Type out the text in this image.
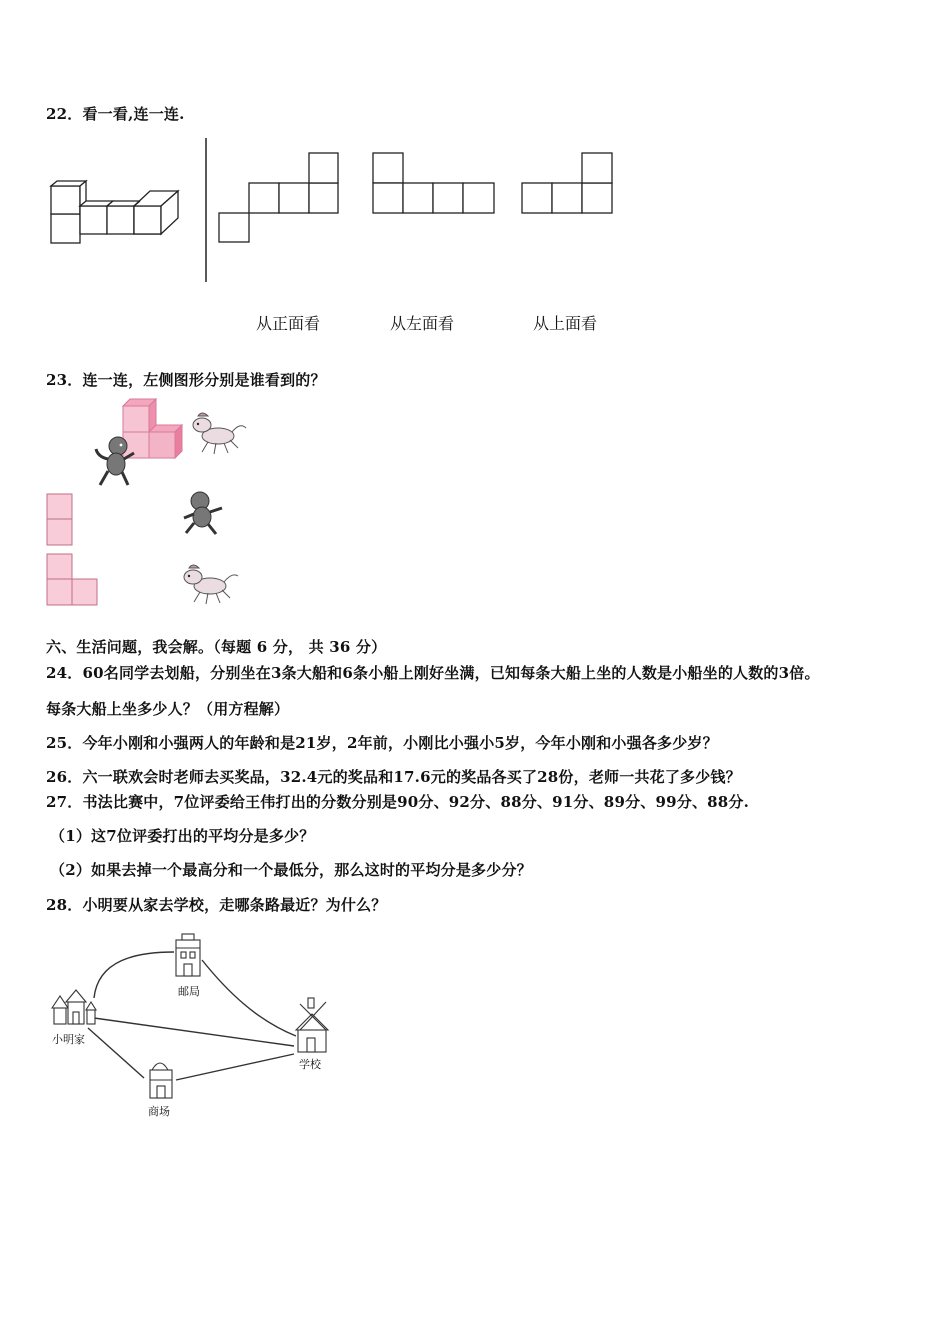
22．看一看,连一连.
从正面看	从左面看	从上面看
23．连一连，左侧图形分别是谁看到的？
六、生活问题，我会解。（每题 6 分， 共 36 分）
24．60名同学去划船，分别坐在3条大船和6条小船上刚好坐满，已知每条大船上坐的人数是小船坐的人数的3倍。
每条大船上坐多少人？（用方程解）
25．今年小刚和小强两人的年龄和是21岁，2年前，小刚比小强小5岁，今年小刚和小强各多少岁？
26．六一联欢会时老师去买奖品，32.4元的奖品和17.6元的奖品各买了28份，老师一共花了多少钱？
27．书法比赛中，7位评委给王伟打出的分数分别是90分、92分、88分、91分、89分、99分、88分.
（1）这7位评委打出的平均分是多少？
（2）如果去掉一个最高分和一个最低分，那么这时的平均分是多少分？
28．小明要从家去学校，走哪条路最近？为什么？
小明家
邮局
学校
商场
